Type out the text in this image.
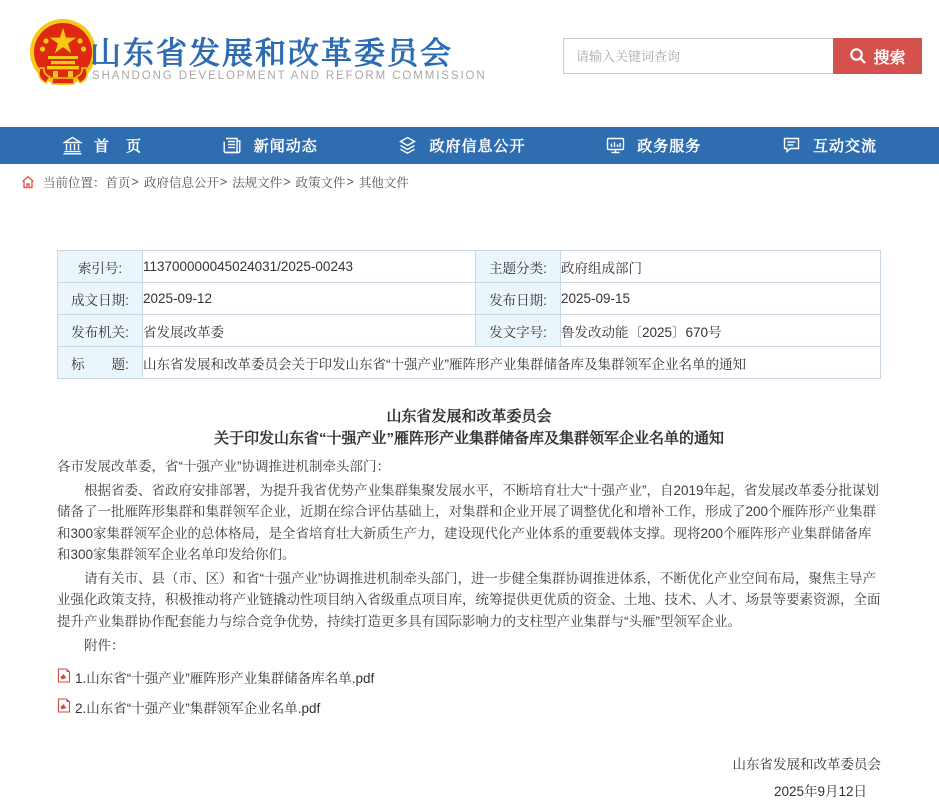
山东省发展和改革委员会
SHANDONG DEVELOPMENT AND REFORM COMMISSION
请输入关键词查询
搜索
首　页	新闻动态	政府信息公开	政务服务	互动交流
当前位置： 首页 > 政府信息公开 > 法规文件 > 政策文件 > 其他文件
索引号:	113700000045024031/2025-00243	主题分类:	政府组成部门
成文日期:	2025-09-12	发布日期:	2025-09-15
发布机关:	省发展改革委	发文字号:	鲁发改动能〔2025〕670号
标　　题:	山东省发展和改革委员会关于印发山东省“十强产业”雁阵形产业集群储备库及集群领军企业名单的通知		
山东省发展和改革委员会
关于印发山东省“十强产业”雁阵形产业集群储备库及集群领军企业名单的通知

各市发展改革委，省“十强产业”协调推进机制牵头部门：

根据省委、省政府安排部署，为提升我省优势产业集群集聚发展水平，不断培育壮大“十强产业”，自2019年起，省发展改革委分批谋划储备了一批雁阵形集群和集群领军企业，近期在综合评估基础上，对集群和企业开展了调整优化和增补工作，形成了200个雁阵形产业集群和300家集群领军企业的总体格局，是全省培育壮大新质生产力，建设现代化产业体系的重要载体支撑。现将200个雁阵形产业集群储备库和300家集群领军企业名单印发给你们。

请有关市、县（市、区）和省“十强产业”协调推进机制牵头部门，进一步健全集群协调推进体系，不断优化产业空间布局，聚焦主导产业强化政策支持，积极推动将产业链撬动性项目纳入省级重点项目库，统筹提供更优质的资金、土地、技术、人才、场景等要素资源，全面提升产业集群协作配套能力与综合竞争优势，持续打造更多具有国际影响力的支柱型产业集群与“头雁”型领军企业。

附件：

1.山东省“十强产业”雁阵形产业集群储备库名单.pdf
2.山东省“十强产业”集群领军企业名单.pdf
山东省发展和改革委员会
2025年9月12日
